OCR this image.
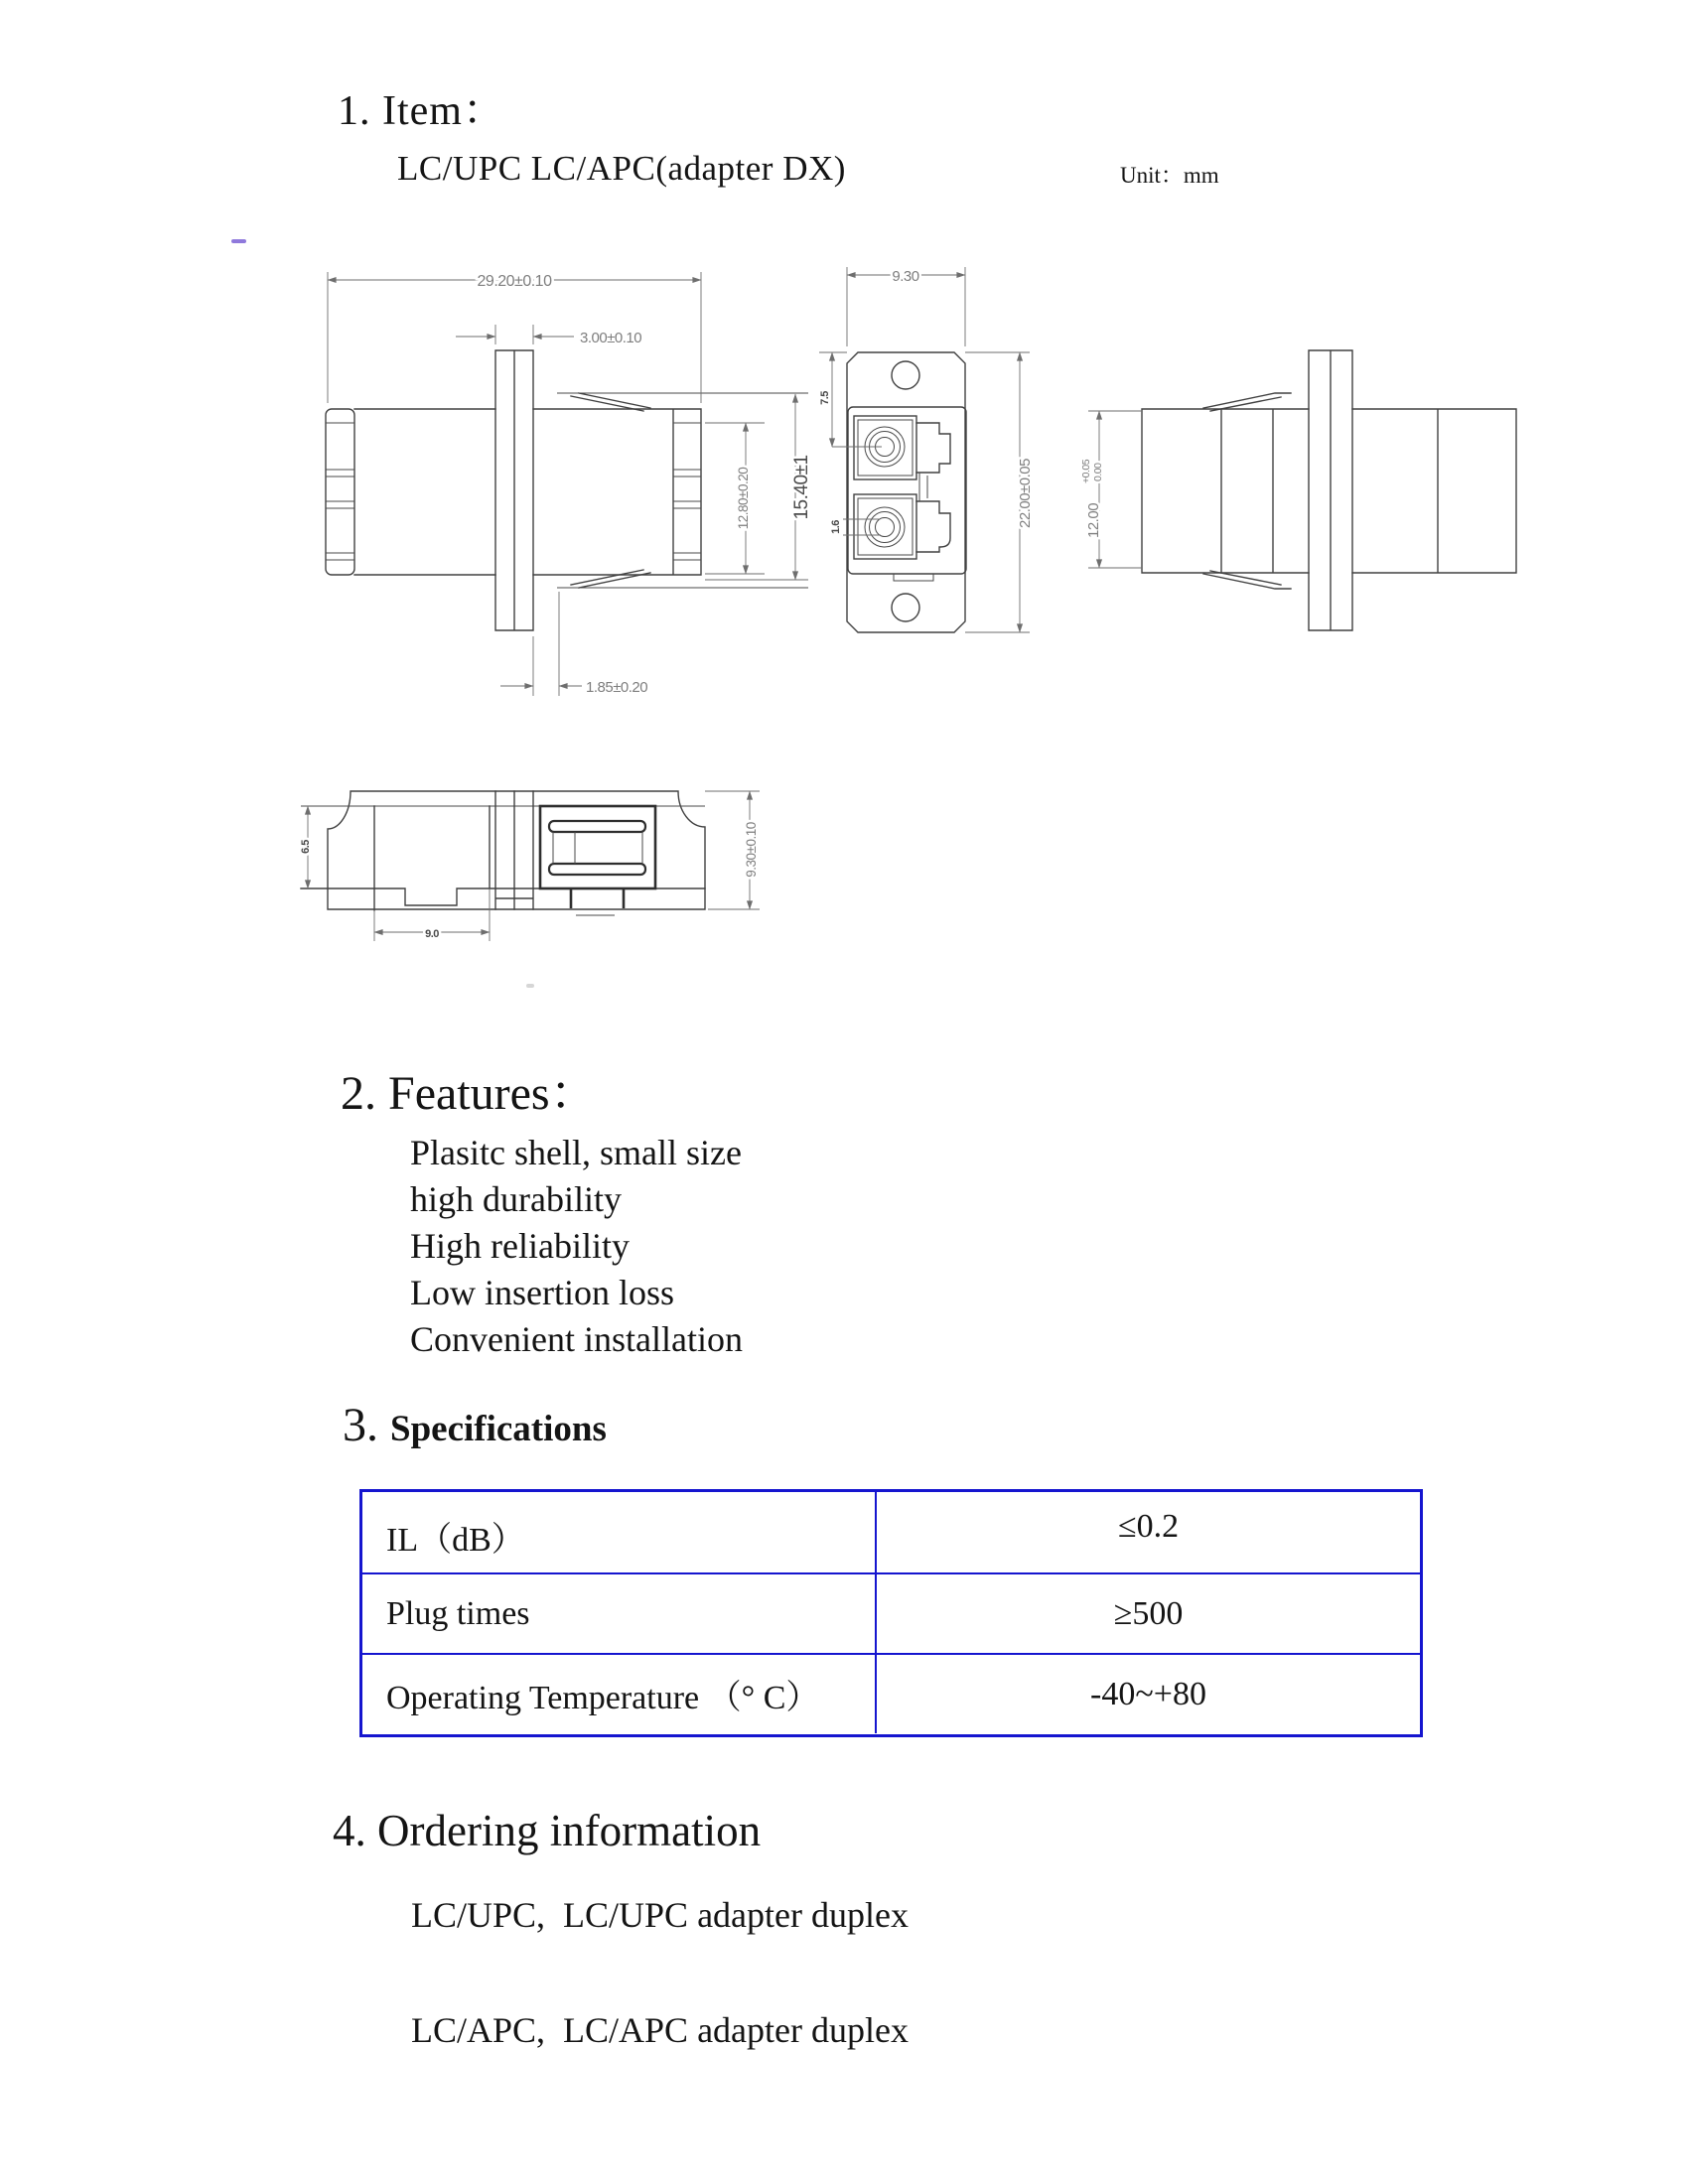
1. Item：
LC/UPC LC/APC(adapter DX)	Unit：mm
29.20±0.10
3.00±0.10
12.80±0.20 15.40±1
1.85±0.20
9.30
7.5
1.6	22.00±0.05	12.00
+0.05 0.00
6.5
9.0
9.30±0.10
2. Features：
Plasitc shell, small size
high durability
High reliability
Low insertion loss
Convenient installation
3. Specifications
IL（dB）	≤0.2
Plug times	≥500
Operating Temperature （° C）	-40~+80
4. Ordering information
LC/UPC,  LC/UPC adapter duplex
LC/APC,  LC/APC adapter duplex
